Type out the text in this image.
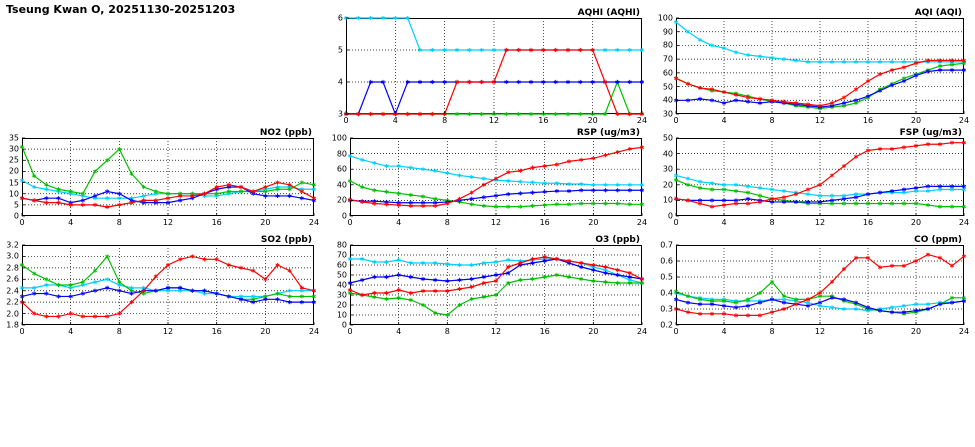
Tseung Kwan O, 20251130-20251203	AQHI (AQHI)
0	4	8	12	16	20	24
3
4
5
6	AQI (AQI)
0	4	8	12	16	20	24
30
40
50
60
70
80
90
100
NO2 (ppb)
0	4	8	12	16	20	24
0
5
10
15
20
25
30
35	RSP (ug/m3)
0	4	8	12	16	20	24
0
20
40
60
80
100	FSP (ug/m3)
0	4	8	12	16	20	24
0
10
20
30
40
50
SO2 (ppb)
0	4	8	12	16	20	24
1.8
2.0
2.2
2.4
2.6
2.8
3.0
3.2	O3 (ppb)
0	4	8	12	16	20	24
0
10
20
30
40
50
60
70
80	CO (ppm)
0	4	8	12	16	20	24
0.2
0.3
0.4
0.5
0.6
0.7
